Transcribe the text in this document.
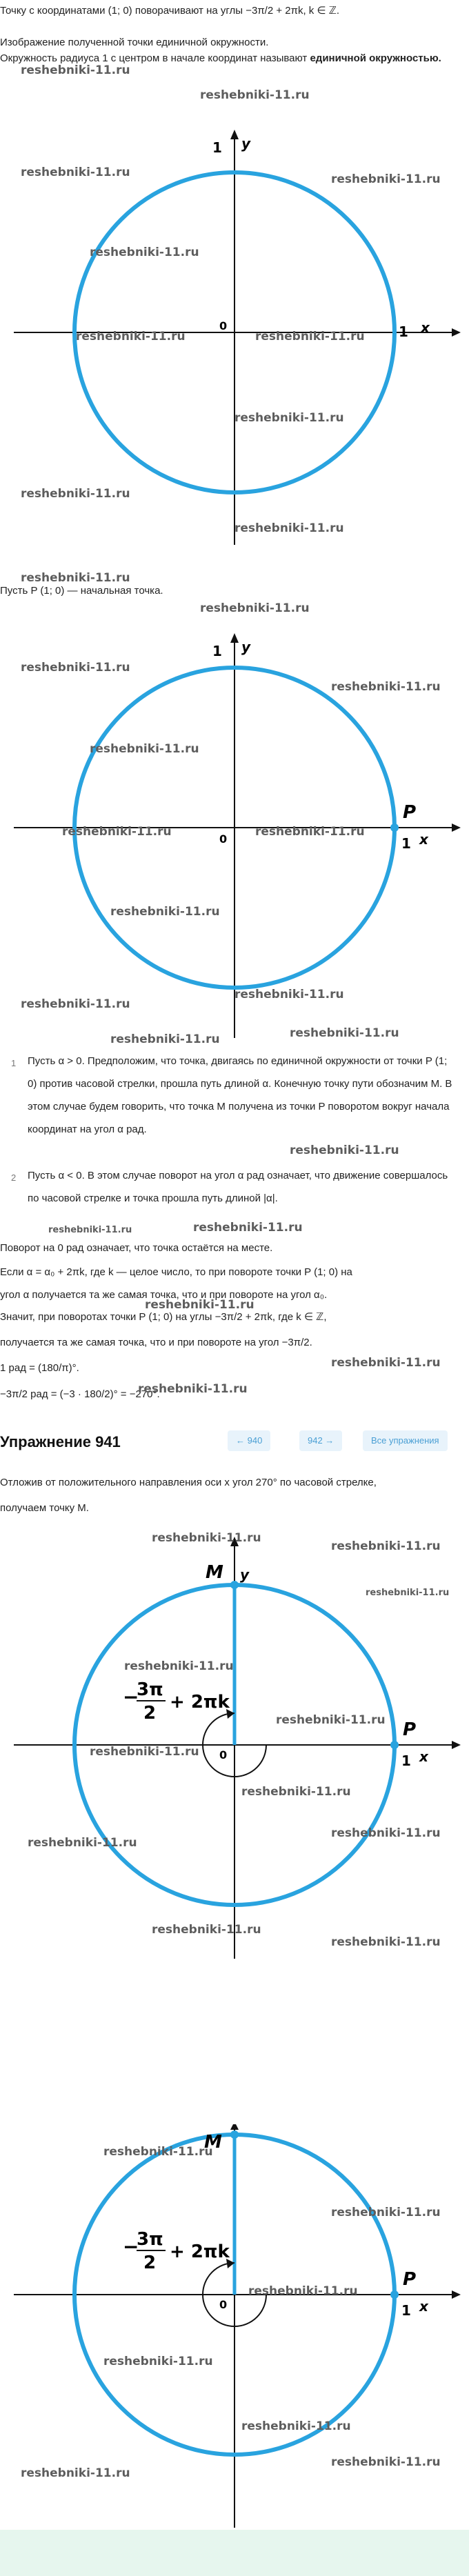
Точку с координатами (1; 0) поворачивают на углы −3π/2 + 2πk, k ∈ ℤ.

Изображение полученной точки единичной окружности.

Окружность радиуса 1 с центром в начале координат называют единичной окружностью.

1 y
0	1 x

Пусть P (1; 0) — начальная точка.

1 y
0
P
1 x
1 Пусть α > 0. Предположим, что точка, двигаясь по единичной окружности от точки P (1; 0) против часовой стрелки, прошла путь длиной α. Конечную точку пути обозначим M. В этом случае будем говорить, что точка M получена из точки P поворотом вокруг начала координат на угол α рад.

2 Пусть α < 0. В этом случае поворот на угол α рад означает, что движение совершалось по часовой стрелке и точка прошла путь длиной |α|.

Поворот на 0 рад означает, что точка остаётся на месте.

Если α = α₀ + 2πk, где k — целое число, то при повороте точки P (1; 0) на

угол α получается та же самая точка, что и при повороте на угол α₀.

Значит, при поворотах точки P (1; 0) на углы −3π/2 + 2πk, где k ∈ ℤ,

получается та же самая точка, что и при повороте на угол −3π/2.

1 рад = (180/π)°.

−3π/2 рад = (−3 · 180/2)° = −270°.

Упражнение 941	← 940	942 →	Все упражнения

Отложив от положительного направления оси x угол 270° по часовой стрелке,

получаем точку M.

M y
0
P
1 x
−
3π
2
+ 2πk
M
0
P
1 x
−
3π
2
+ 2πk
reshebniki-11.ru
reshebniki-11.ru
reshebniki-11.ru
reshebniki-11.ru
reshebniki-11.ru
reshebniki-11.ru	reshebniki-11.ru
reshebniki-11.ru
reshebniki-11.ru
reshebniki-11.ru
reshebniki-11.ru
reshebniki-11.ru
reshebniki-11.ru
reshebniki-11.ru
reshebniki-11.ru
reshebniki-11.ru	reshebniki-11.ru
reshebniki-11.ru
reshebniki-11.ru
reshebniki-11.ru
reshebniki-11.ru	reshebniki-11.ru
reshebniki-11.ru
reshebniki-11.ru	reshebniki-11.ru
reshebniki-11.ru
reshebniki-11.ru
reshebniki-11.ru
reshebniki-11.ru
reshebniki-11.ru
reshebniki-11.ru
reshebniki-11.ru
reshebniki-11.ru
reshebniki-11.ru
reshebniki-11.ru
reshebniki-11.ru
reshebniki-11.ru
reshebniki-11.ru
reshebniki-11.ru
reshebniki-11.ru
reshebniki-11.ru
reshebniki-11.ru
reshebniki-11.ru
reshebniki-11.ru
reshebniki-11.ru
reshebniki-11.ru
